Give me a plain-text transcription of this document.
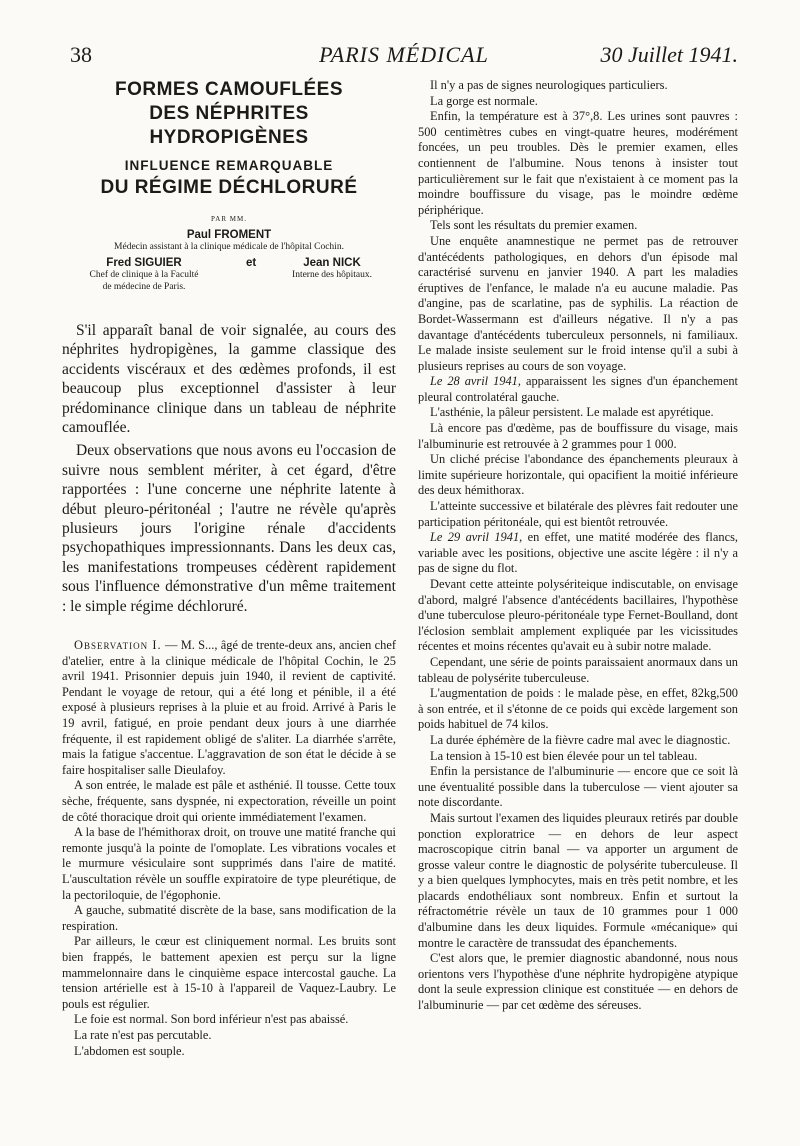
38	PARIS MÉDICAL	30 Juillet 1941.
FORMES CAMOUFLÉES
DES NÉPHRITES
HYDROPIGÈNES
INFLUENCE REMARQUABLE
DU RÉGIME DÉCHLORURÉ
PAR MM.
Paul FROMENT
Médecin assistant à la clinique médicale de l'hôpital Cochin.
Fred SIGUIER
Chef de clinique à la Faculté
de médecine de Paris.
et	Jean NICK
Interne des hôpitaux.

S'il apparaît banal de voir signalée, au cours des néphrites hydropigènes, la gamme classique des accidents viscéraux et des œdèmes profonds, il est beaucoup plus exceptionnel d'assister à leur prédominance clinique dans un tableau de néphrite camouflée.

Deux observations que nous avons eu l'occasion de suivre nous semblent mériter, à cet égard, d'être rapportées : l'une concerne une néphrite latente à début pleuro-péritonéal ; l'autre ne révèle qu'après plusieurs jours l'origine rénale d'accidents psychopathiques impressionnants. Dans les deux cas, les manifestations trompeuses cédèrent rapidement sous l'influence démonstrative d'un même traitement : le simple régime déchloruré.

Observation I. — M. S..., âgé de trente-deux ans, ancien chef d'atelier, entre à la clinique médicale de l'hôpital Cochin, le 25 avril 1941. Prisonnier depuis juin 1940, il revient de captivité. Pendant le voyage de retour, qui a été long et pénible, il a été exposé à plusieurs reprises à la pluie et au froid. Arrivé à Paris le 19 avril, fatigué, en proie pendant deux jours à une diarrhée fréquente, il est rapidement obligé de s'aliter. La diarrhée s'arrête, mais la fatigue s'accentue. L'aggravation de son état le décide à se faire hospitaliser salle Dieulafoy.

A son entrée, le malade est pâle et asthénié. Il tousse. Cette toux sèche, fréquente, sans dyspnée, ni expectoration, réveille un point de côté thoracique droit qui oriente immédiatement l'examen.

A la base de l'hémithorax droit, on trouve une matité franche qui remonte jusqu'à la pointe de l'omoplate. Les vibrations vocales et le murmure vésiculaire sont supprimés dans l'aire de matité. L'auscultation révèle un souffle expiratoire de type pleurétique, de la pectoriloquie, de l'égophonie.

A gauche, submatité discrète de la base, sans modification de la respiration.

Par ailleurs, le cœur est cliniquement normal. Les bruits sont bien frappés, le battement apexien est perçu sur la ligne mammelonnaire dans le cinquième espace intercostal gauche. La tension artérielle est à 15-10 à l'appareil de Vaquez-Laubry. Le pouls est régulier.

Le foie est normal. Son bord inférieur n'est pas abaissé.

La rate n'est pas percutable.

L'abdomen est souple.

Il n'y a pas de signes neurologiques particuliers.

La gorge est normale.

Enfin, la température est à 37°,8. Les urines sont pauvres : 500 centimètres cubes en vingt-quatre heures, modérément foncées, un peu troubles. Dès le premier examen, elles contiennent de l'albumine. Nous tenons à insister tout particulièrement sur le fait que n'existaient à ce moment pas la moindre bouffissure du visage, pas le moindre œdème périphérique.

Tels sont les résultats du premier examen.

Une enquête anamnestique ne permet pas de retrouver d'antécédents pathologiques, en dehors d'un épisode mal caractérisé survenu en janvier 1940. A part les maladies éruptives de l'enfance, le malade n'a eu aucune maladie. Pas d'angine, pas de scarlatine, pas de syphilis. La réaction de Bordet-Wassermann est d'ailleurs négative. Il n'y a pas davantage d'antécédents tuberculeux personnels, ni familiaux. Le malade insiste seulement sur le froid intense qu'il a subi à plusieurs reprises au cours de son voyage.

Le 28 avril 1941, apparaissent les signes d'un épanchement pleural controlatéral gauche.

L'asthénie, la pâleur persistent. Le malade est apyrétique.

Là encore pas d'œdème, pas de bouffissure du visage, mais l'albuminurie est retrouvée à 2 grammes pour 1 000.

Un cliché précise l'abondance des épanchements pleuraux à limite supérieure horizontale, qui opacifient la moitié inférieure des deux hémithorax.

L'atteinte successive et bilatérale des plèvres fait redouter une participation péritonéale, qui est bientôt retrouvée.

Le 29 avril 1941, en effet, une matité modérée des flancs, variable avec les positions, objective une ascite légère : il n'y a pas de signe du flot.

Devant cette atteinte polysériteique indiscutable, on envisage d'abord, malgré l'absence d'antécédents bacillaires, l'hypothèse d'une tuberculose pleuro-péritonéale type Fernet-Boulland, dont l'éclosion semblait amplement expliquée par les vicissitudes récentes et moins récentes qu'avait eu à subir notre malade.

Cependant, une série de points paraissaient anormaux dans un tableau de polysérite tuberculeuse.

L'augmentation de poids : le malade pèse, en effet, 82kg,500 à son entrée, et il s'étonne de ce poids qui excède largement son poids habituel de 74 kilos.

La durée éphémère de la fièvre cadre mal avec le diagnostic.

La tension à 15-10 est bien élevée pour un tel tableau.

Enfin la persistance de l'albuminurie — encore que ce soit là une éventualité possible dans la tuberculose — vient ajouter sa note discordante.

Mais surtout l'examen des liquides pleuraux retirés par double ponction exploratrice — en dehors de leur aspect macroscopique citrin banal — va apporter un argument de grosse valeur contre le diagnostic de polysérite tuberculeuse. Il y a bien quelques lymphocytes, mais en très petit nombre, et les placards endothéliaux sont nombreux. Enfin et surtout la réfractométrie révèle un taux de 10 grammes pour 1 000 d'albumine dans les deux liquides. Formule «mécanique» qui montre le caractère de transsudat des épanchements.

C'est alors que, le premier diagnostic abandonné, nous nous orientons vers l'hypothèse d'une néphrite hydropigène atypique dont la seule expression clinique est constituée — en dehors de l'albuminurie — par cet œdème des séreuses.
